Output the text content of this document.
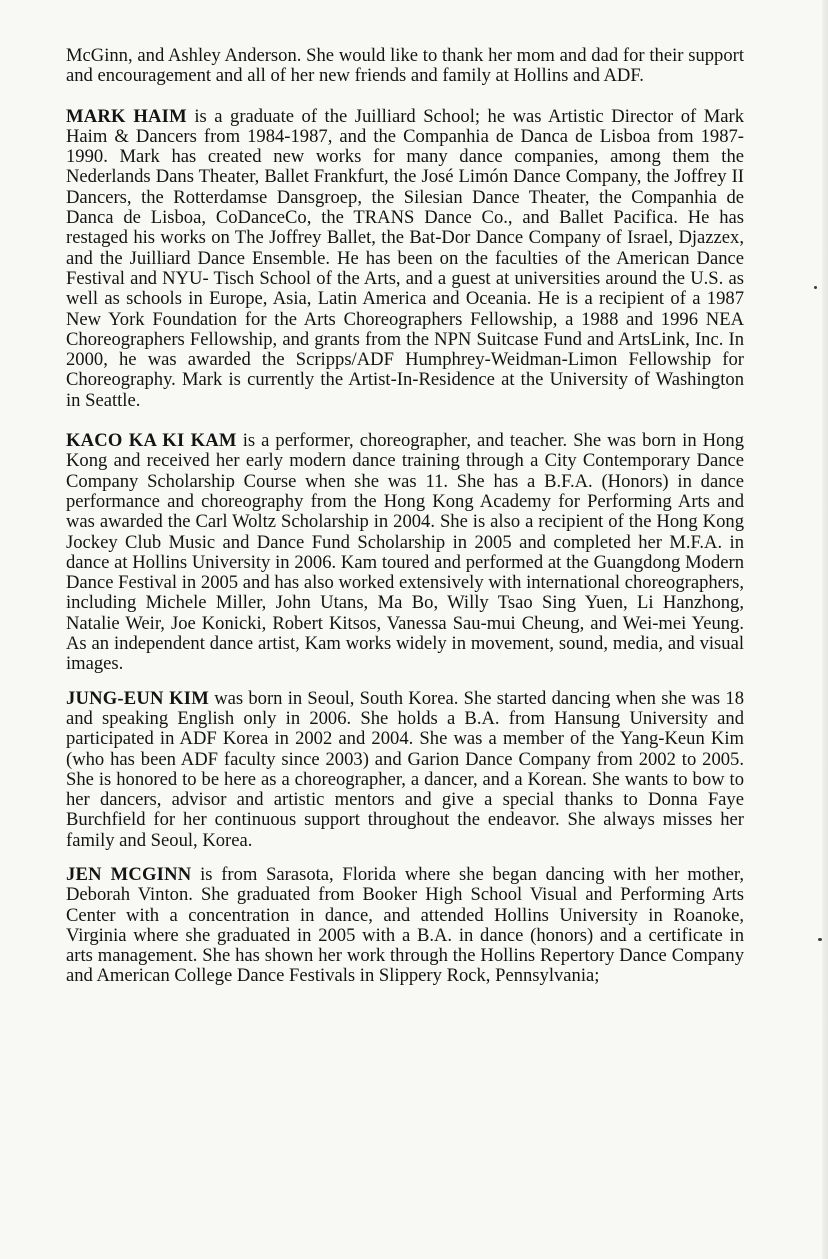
McGinn, and Ashley Anderson. She would like to thank her mom and dad for their support and encouragement and all of her new friends and family at Hollins and ADF.

MARK HAIM is a graduate of the Juilliard School; he was Artistic Director of Mark Haim & Dancers from 1984-1987, and the Companhia de Danca de Lisboa from 1987-1990. Mark has created new works for many dance companies, among them the Nederlands Dans Theater, Ballet Frankfurt, the José Limón Dance Company, the Joffrey II Dancers, the Rotterdamse Dansgroep, the Silesian Dance Theater, the Companhia de Danca de Lisboa, CoDanceCo, the TRANS Dance Co., and Ballet Pacifica. He has restaged his works on The Joffrey Ballet, the Bat-Dor Dance Company of Israel, Djazzex, and the Juilliard Dance Ensemble. He has been on the faculties of the American Dance Festival and NYU- Tisch School of the Arts, and a guest at universities around the U.S. as well as schools in Europe, Asia, Latin America and Oceania. He is a recipient of a 1987 New York Foundation for the Arts Choreographers Fellowship, a 1988 and 1996 NEA Choreographers Fellowship, and grants from the NPN Suitcase Fund and ArtsLink, Inc. In 2000, he was awarded the Scripps/ADF Humphrey-Weidman-Limon Fellowship for Choreography. Mark is currently the Artist-In-Residence at the University of Washington in Seattle.

KACO KA KI KAM is a performer, choreographer, and teacher. She was born in Hong Kong and received her early modern dance training through a City Contemporary Dance Company Scholarship Course when she was 11. She has a B.F.A. (Honors) in dance performance and choreography from the Hong Kong Academy for Performing Arts and was awarded the Carl Woltz Scholarship in 2004. She is also a recipient of the Hong Kong Jockey Club Music and Dance Fund Scholarship in 2005 and completed her M.F.A. in dance at Hollins University in 2006. Kam toured and performed at the Guangdong Modern Dance Festival in 2005 and has also worked extensively with international choreographers, including Michele Miller, John Utans, Ma Bo, Willy Tsao Sing Yuen, Li Hanzhong, Natalie Weir, Joe Konicki, Robert Kitsos, Vanessa Sau-mui Cheung, and Wei-mei Yeung. As an independent dance artist, Kam works widely in movement, sound, media, and visual images.

JUNG-EUN KIM was born in Seoul, South Korea. She started dancing when she was 18 and speaking English only in 2006. She holds a B.A. from Hansung University and participated in ADF Korea in 2002 and 2004. She was a member of the Yang-Keun Kim (who has been ADF faculty since 2003) and Garion Dance Company from 2002 to 2005. She is honored to be here as a choreographer, a dancer, and a Korean. She wants to bow to her dancers, advisor and artistic mentors and give a special thanks to Donna Faye Burchfield for her continuous support throughout the endeavor. She always misses her family and Seoul, Korea.

JEN MCGINN is from Sarasota, Florida where she began dancing with her mother, Deborah Vinton. She graduated from Booker High School Visual and Performing Arts Center with a concentration in dance, and attended Hollins University in Roanoke, Virginia where she graduated in 2005 with a B.A. in dance (honors) and a certificate in arts management. She has shown her work through the Hollins Repertory Dance Company and American College Dance Festivals in Slippery Rock, Pennsylvania;
